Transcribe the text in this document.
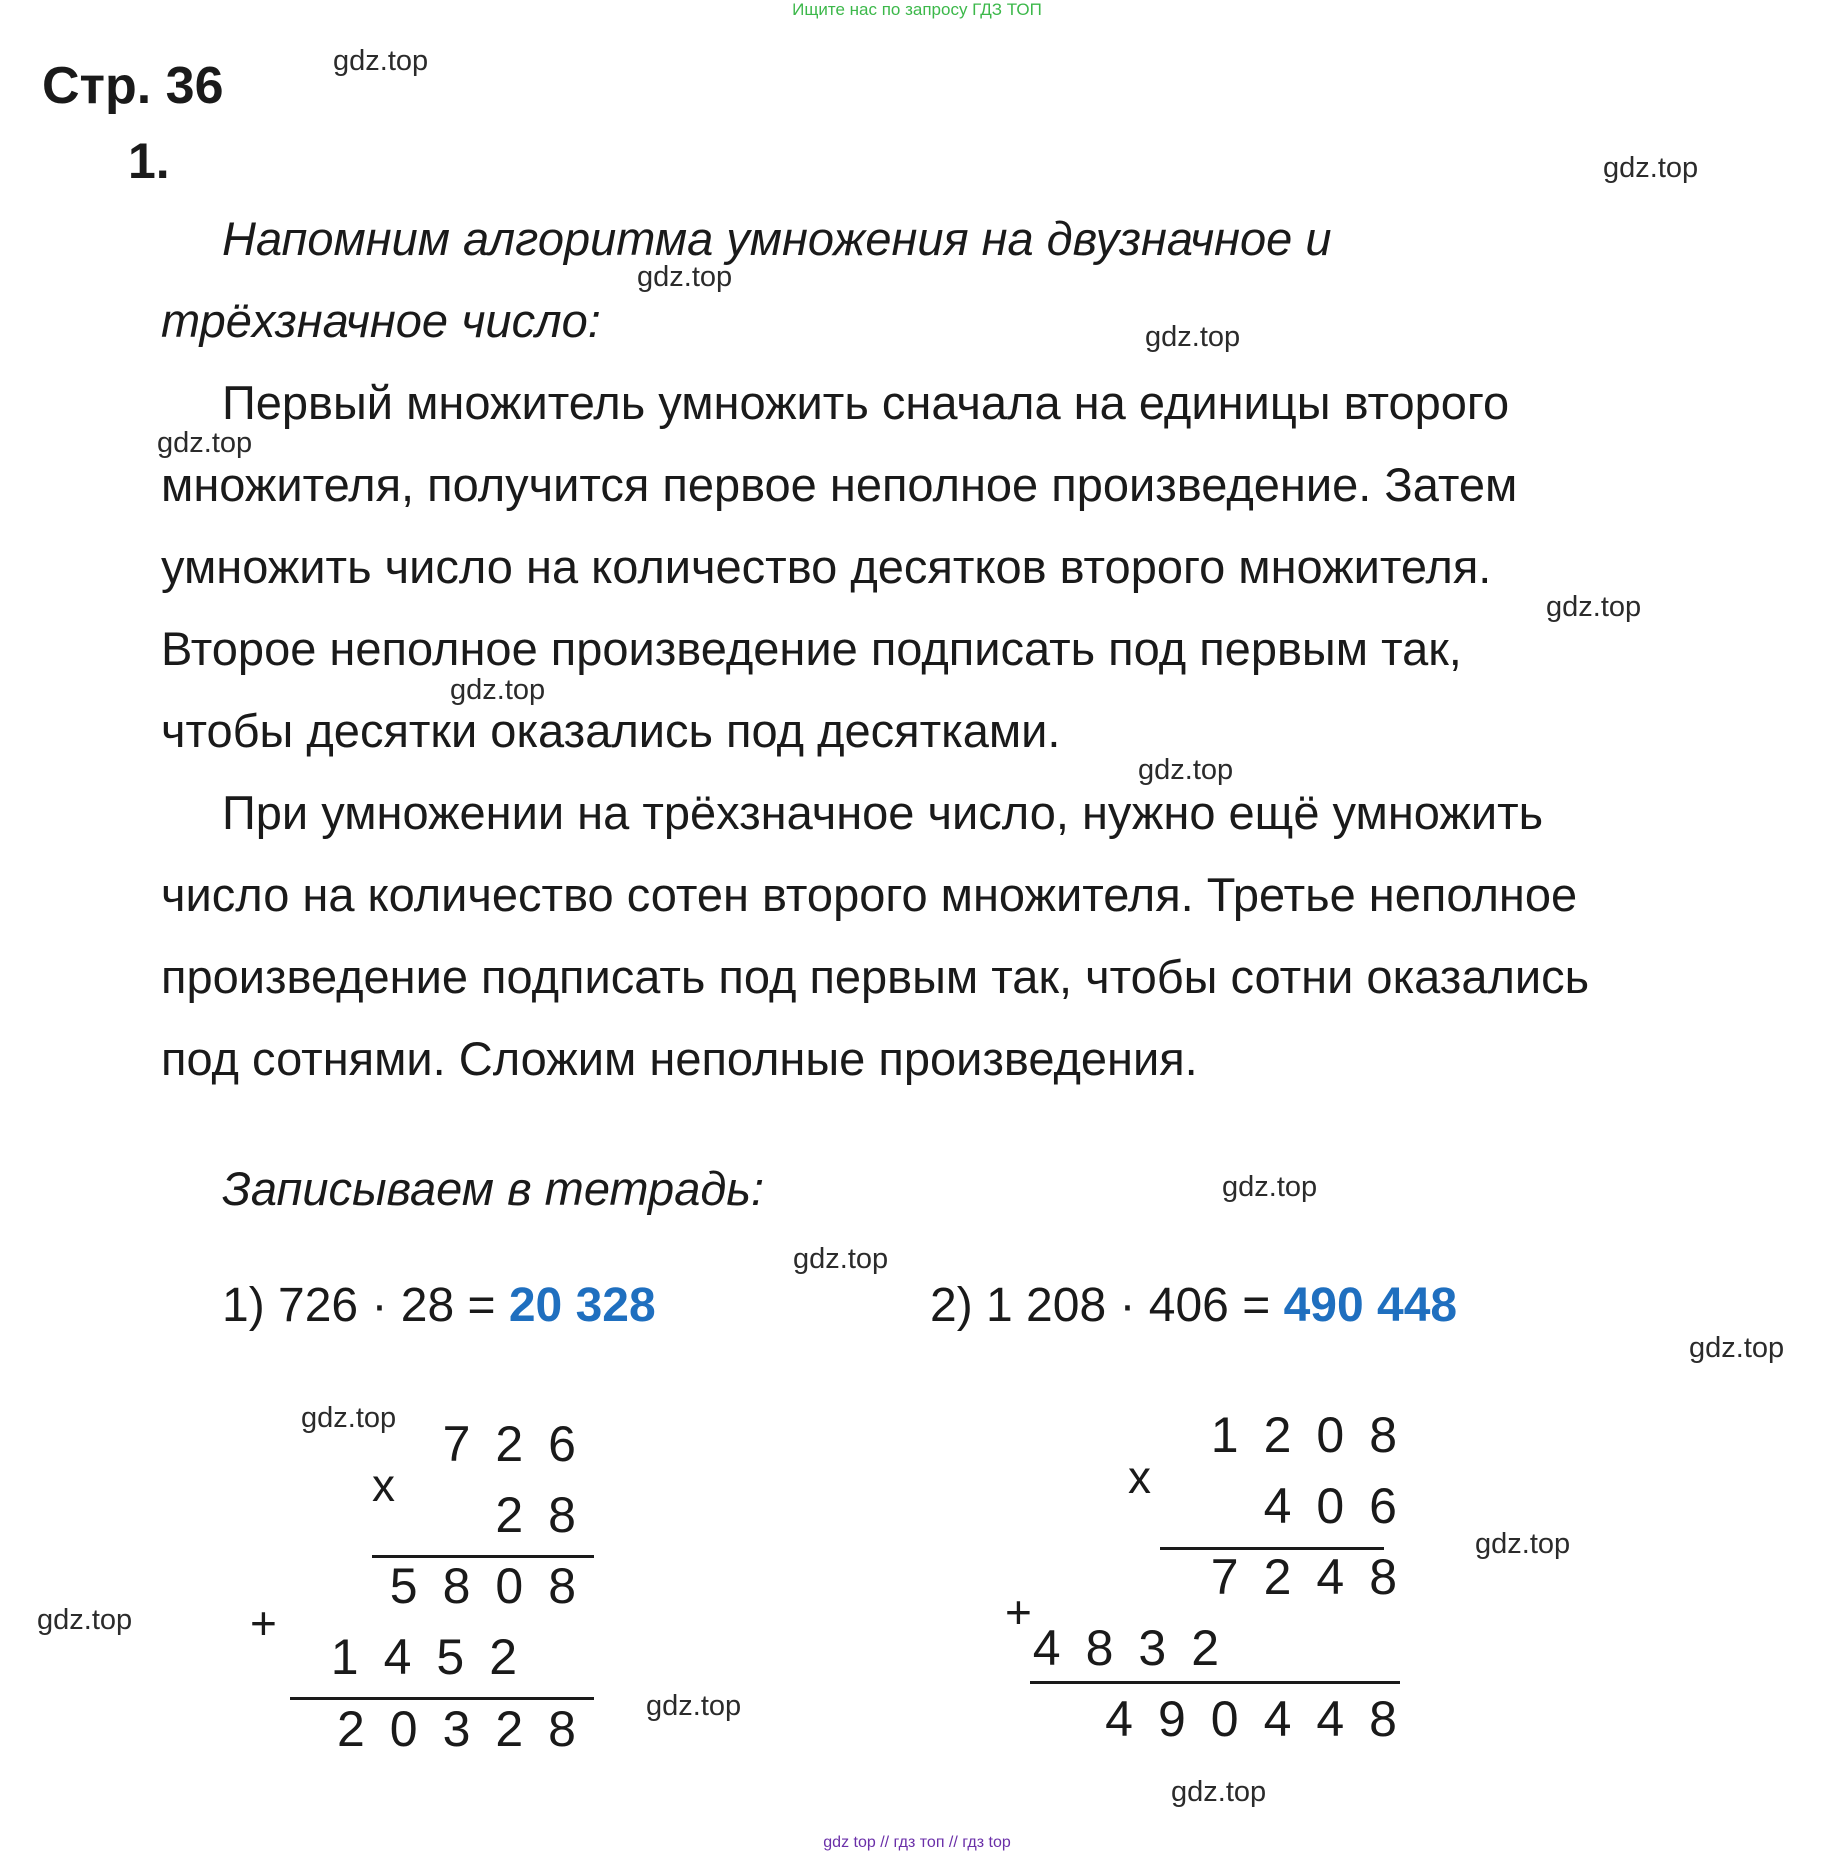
Ищите нас по запросу ГДЗ ТОП
Стр. 36
1.
gdz.top
gdz.top
gdz.top
gdz.top
gdz.top
gdz.top
gdz.top
gdz.top
gdz.top
gdz.top
gdz.top
gdz.top
gdz.top
gdz.top
gdz.top
gdz.top
Напомним алгоритма умножения на двузначное и
трёхзначное число:
Первый множитель умножить сначала на единицы второго
множителя, получится первое неполное произведение. Затем
умножить число на количество десятков второго множителя.
Второе неполное произведение подписать под первым так,
чтобы десятки оказались под десятками.
При умножении на трёхзначное число, нужно ещё умножить
число на количество сотен второго множителя. Третье неполное
произведение подписать под первым так, чтобы сотни оказались
под сотнями. Сложим неполные произведения.
Записываем в тетрадь:
1) 726 · 28 = 20 328	2) 1 208 · 406 = 490 448
x
+
726
28
5808
1452
20328
x
+
1208
406
7248
4832
490448
gdz top // гдз топ // гдз top
